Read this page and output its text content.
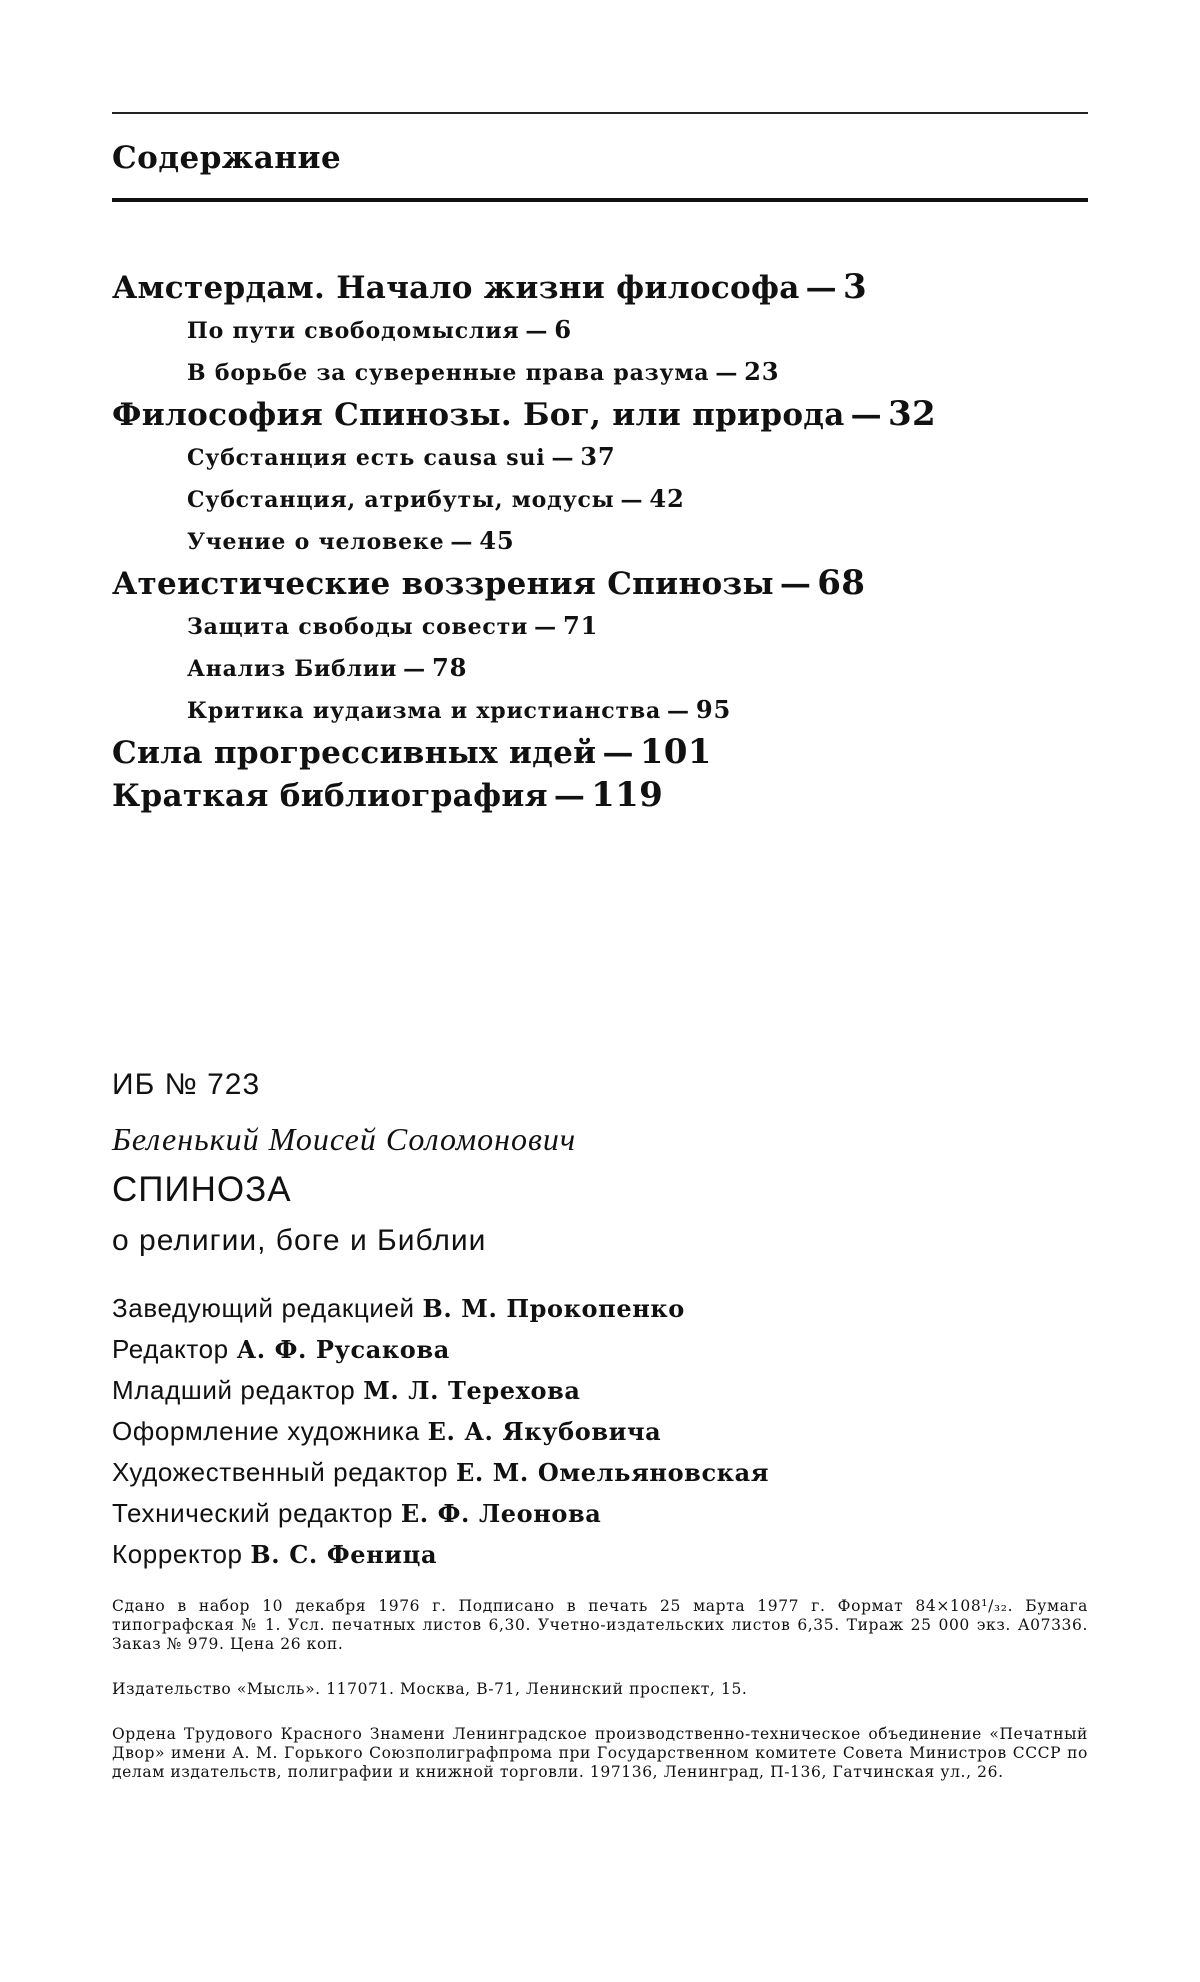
Содержание
Амстердам. Начало жизни философа — 3
По пути свободомыслия — 6
В борьбе за суверенные права разума — 23
Философия Спинозы. Бог, или природа — 32
Субстанция есть causa sui — 37
Субстанция, атрибуты, модусы — 42
Учение о человеке — 45
Атеистические воззрения Спинозы — 68
Защита свободы совести — 71
Анализ Библии — 78
Критика иудаизма и христианства — 95
Сила прогрессивных идей — 101
Краткая библиография — 119
ИБ № 723
Беленький Моисей Соломонович
СПИНОЗА
о религии, боге и Библии
Заведующий редакцией В. М. Прокопенко
Редактор А. Ф. Русакова
Младший редактор М. Л. Терехова
Оформление художника Е. А. Якубовича
Художественный редактор Е. М. Омельяновская
Технический редактор Е. Ф. Леонова
Корректор В. С. Феница
Сдано в набор 10 декабря 1976 г. Подписано в печать 25 марта 1977 г. Формат 84×108¹/₃₂. Бумага типографская № 1. Усл. печатных листов 6,30. Учетно-издательских листов 6,35. Тираж 25 000 экз. А07336. Заказ № 979. Цена 26 коп.
Издательство «Мысль». 117071. Москва, В-71, Ленинский проспект, 15.
Ордена Трудового Красного Знамени Ленинградское производственно-техническое объединение «Печатный Двор» имени А. М. Горького Союзполиграфпрома при Государственном комитете Совета Министров СССР по делам издательств, полиграфии и книжной торговли. 197136, Ленинград, П-136, Гатчинская ул., 26.
